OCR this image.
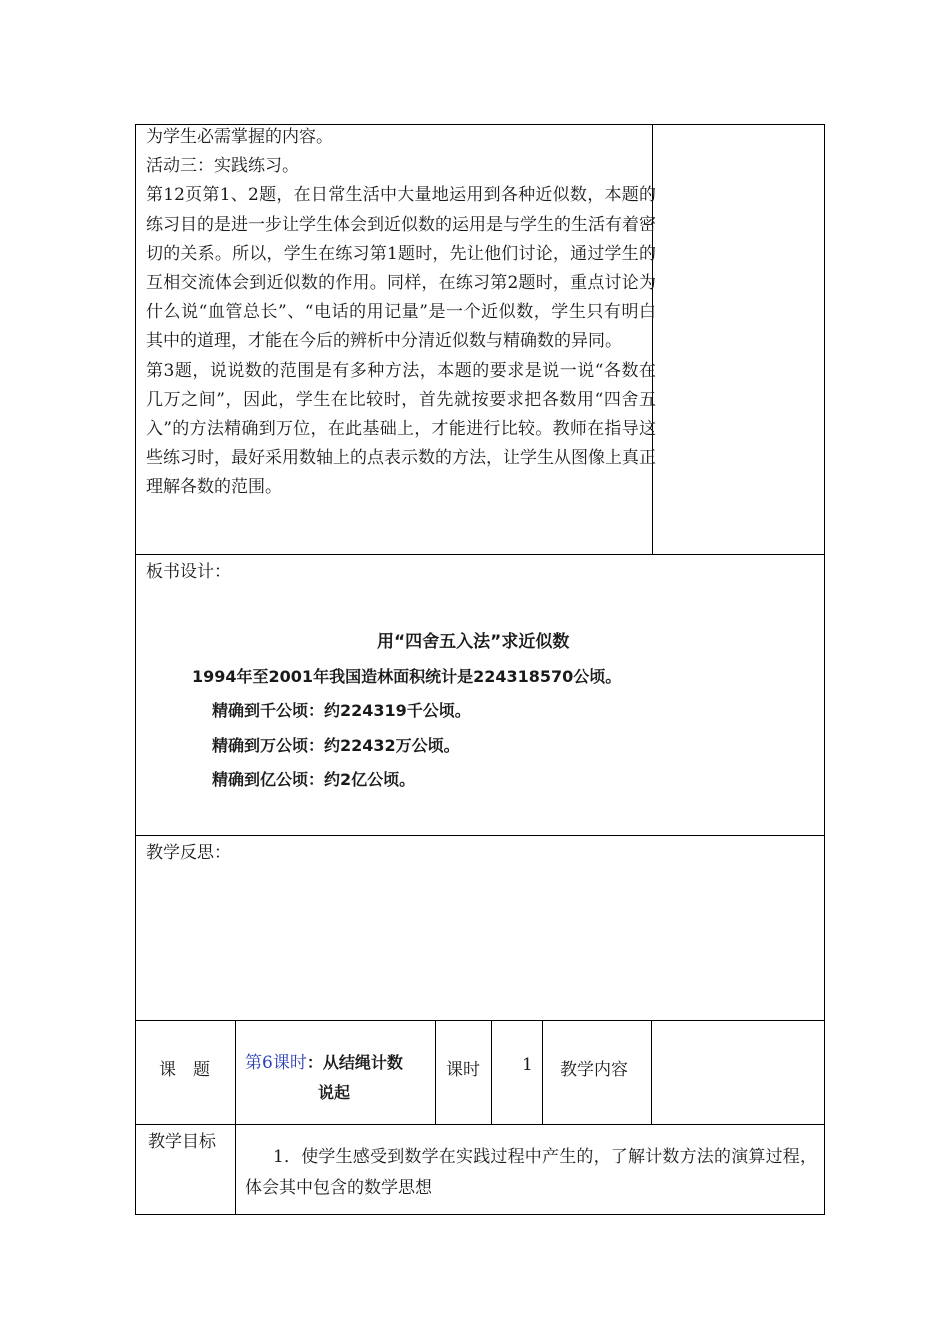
为学生必需掌握的内容。

活动三：实践练习。

第12页第1、2题，在日常生活中大量地运用到各种近似数，本题的练习目的是进一步让学生体会到近似数的运用是与学生的生活有着密切的关系。所以，学生在练习第1题时，先让他们讨论，通过学生的互相交流体会到近似数的作用。同样，在练习第2题时，重点讨论为什么说“血管总长”、“电话的用记量”是一个近似数，学生只有明白其中的道理，才能在今后的辨析中分清近似数与精确数的异同。

第3题，说说数的范围是有多种方法，本题的要求是说一说“各数在几万之间”，因此，学生在比较时，首先就按要求把各数用“四舍五入”的方法精确到万位，在此基础上，才能进行比较。教师在指导这些练习时，最好采用数轴上的点表示数的方法，让学生从图像上真正理解各数的范围。

板书设计：
用“四舍五入法”求近似数
1994年至2001年我国造林面积统计是224318570公顷。
精确到千公顷：约224319千公顷。
精确到万公顷：约22432万公顷。
精确到亿公顷：约2亿公顷。
教学反思：
课　题 第6课时：从结绳计数
说起
课时 1 教学内容
教学目标
1．使学生感受到数学在实践过程中产生的，了解计数方法的演算过程，体会其中包含的数学思想
